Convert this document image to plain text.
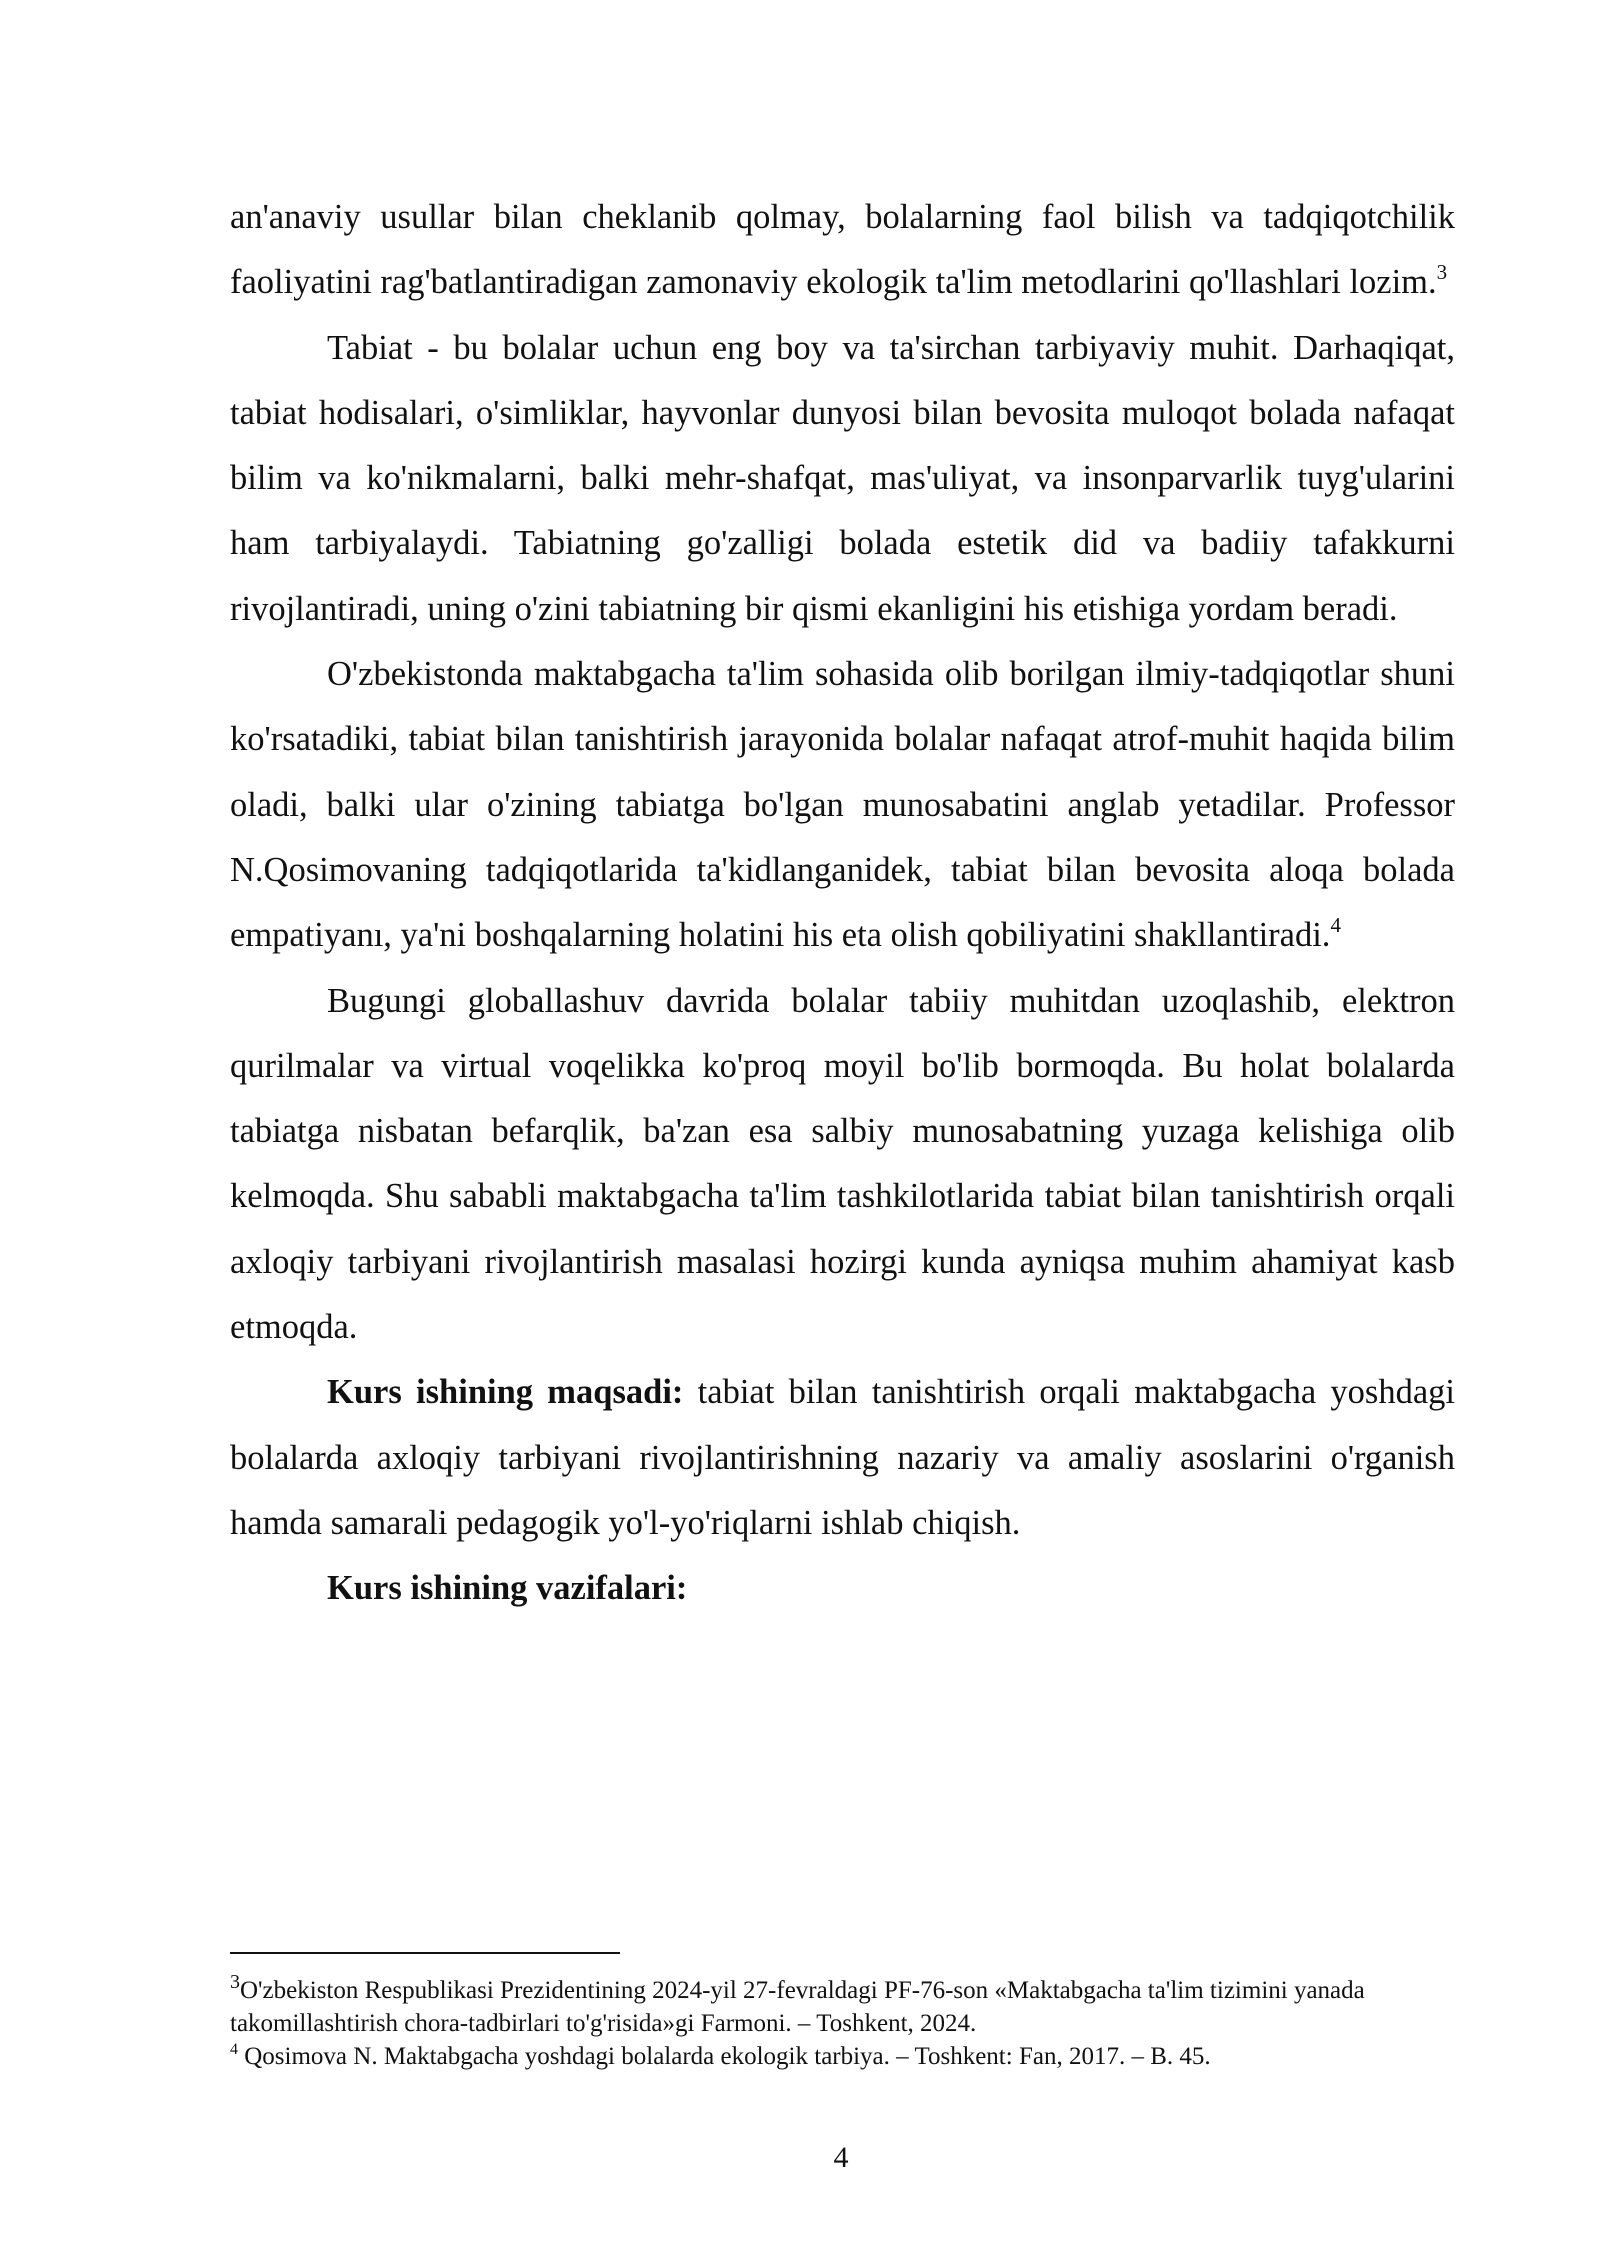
an'anaviy usullar bilan cheklanib qolmay, bolalarning faol bilish va tadqiqotchilik faoliyatini rag'batlantiradigan zamonaviy ekologik ta'lim metodlarini qo'llashlari lozim.$^3$

Tabiat - bu bolalar uchun eng boy va ta'sirchan tarbiyaviy muhit. Darhaqiqat, tabiat hodisalari, o'simliklar, hayvonlar dunyosi bilan bevosita muloqot bolada nafaqat bilim va ko'nikmalarni, balki mehr-shafqat, mas'uliyat, va insonparvarlik tuyg'ularini ham tarbiyalaydi. Tabiatning go'zalligi bolada estetik did va badiiy tafakkurni rivojlantiradi, uning o'zini tabiatning bir qismi ekanligini his etishiga yordam beradi.

O'zbekistonda maktabgacha ta'lim sohasida olib borilgan ilmiy-tadqiqotlar shuni ko'rsatadiki, tabiat bilan tanishtirish jarayonida bolalar nafaqat atrof-muhit haqida bilim oladi, balki ular o'zining tabiatga bo'lgan munosabatini anglab yetadilar. Professor N.Qosimovaning tadqiqotlarida ta'kidlanganidek, tabiat bilan bevosita aloqa bolada empatiyanı, ya'ni boshqalarning holatini his eta olish qobiliyatini shakllantiradi.$^4$

Bugungi globallashuv davrida bolalar tabiiy muhitdan uzoqlashib, elektron qurilmalar va virtual voqelikka ko'proq moyil bo'lib bormoqda. Bu holat bolalarda tabiatga nisbatan befarqlik, ba'zan esa salbiy munosabatning yuzaga kelishiga olib kelmoqda. Shu sababli maktabgacha ta'lim tashkilotlarida tabiat bilan tanishtirish orqali axloqiy tarbiyani rivojlantirish masalasi hozirgi kunda ayniqsa muhim ahamiyat kasb etmoqda.

Kurs ishining maqsadi: tabiat bilan tanishtirish orqali maktabgacha yoshdagi bolalarda axloqiy tarbiyani rivojlantirishning nazariy va amaliy asoslarini o'rganish hamda samarali pedagogik yo'l-yo'riqlarni ishlab chiqish.

Kurs ishining vazifalari:

$^3$O'zbekiston Respublikasi Prezidentining 2024-yil 27-fevraldagi PF-76-son «Maktabgacha ta'lim tizimini yanada takomillashtirish chora-tadbirlari to'g'risida»gi Farmoni. – Toshkent, 2024.

$^4$ Qosimova N. Maktabgacha yoshdagi bolalarda ekologik tarbiya. – Toshkent: Fan, 2017. – B. 45.

4
